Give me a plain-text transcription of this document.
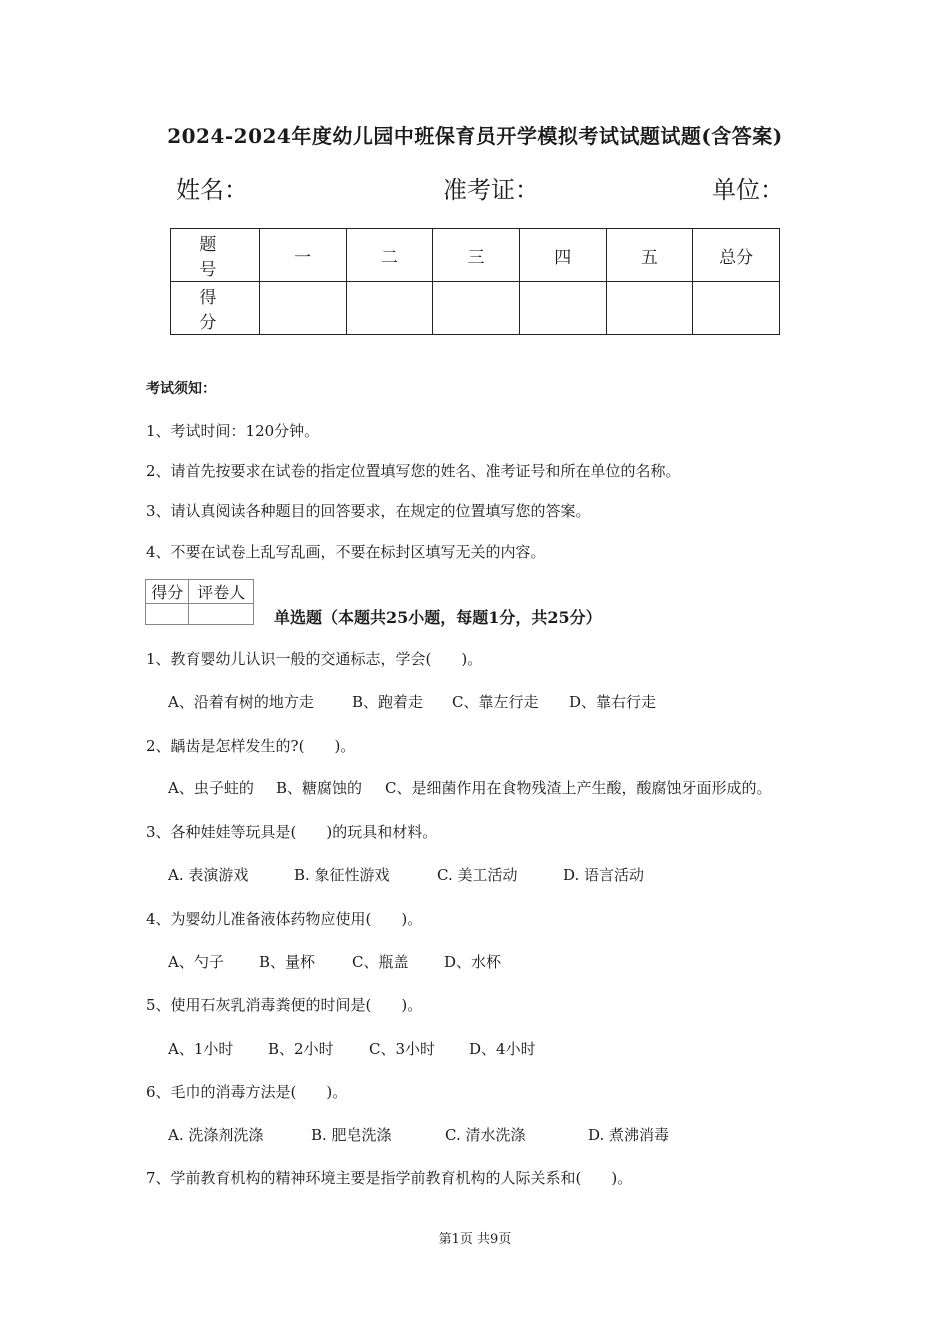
2024-2024年度幼儿园中班保育员开学模拟考试试题试题(含答案)
姓名：	准考证：	单位：
题　号	一	二	三	四	五	总分
得　分						
考试须知：
1、考试时间：120分钟。
2、请首先按要求在试卷的指定位置填写您的姓名、准考证号和所在单位的名称。
3、请认真阅读各种题目的回答要求，在规定的位置填写您的答案。
4、不要在试卷上乱写乱画，不要在标封区填写无关的内容。
得分	评卷人

单选题（本题共25小题，每题1分，共25分）
1、教育婴幼儿认识一般的交通标志，学会(　　)。
A、沿着有树的地方走	B、跑着走 C、靠左行走 D、靠右行走
2、龋齿是怎样发生的?(　　)。
A、虫子蛀的 B、糖腐蚀的 C、是细菌作用在食物残渣上产生酸，酸腐蚀牙面形成的。
3、各种娃娃等玩具是(　　)的玩具和材料。
A. 表演游戏	B. 象征性游戏	C. 美工活动	D. 语言活动
4、为婴幼儿准备液体药物应使用(　　)。
A、勺子 B、量杯 C、瓶盖 D、水杯
5、使用石灰乳消毒粪便的时间是(　　)。
A、1小时 B、2小时 C、3小时 D、4小时
6、毛巾的消毒方法是(　　)。
A. 洗涤剂洗涤	B. 肥皂洗涤	C. 清水洗涤	D. 煮沸消毒
7、学前教育机构的精神环境主要是指学前教育机构的人际关系和(　　)。
第1页 共9页
